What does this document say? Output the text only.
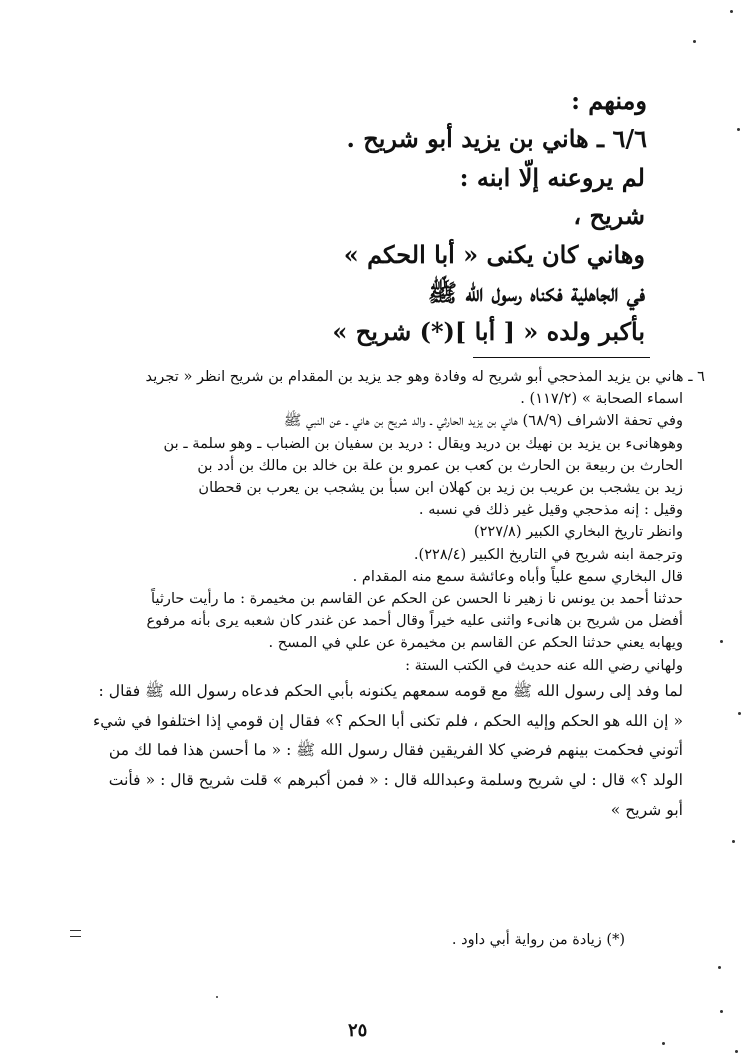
ومنهم :
٦/٦ ـ هاني بن يزيد أبو شريح .
لم يروعنه إلّا ابنه :
شريح ،
وهاني كان يكنى « أبا الحكم »
في الجاهلية فكناه رسول الله ﷺ
بأكبر ولده « [ أبا ](*) شريح »
٦ ـ هاني بن يزيد المذحجي أبو شريح له وفادة وهو جد يزيد بن المقدام بن شريح انظر « تجريد
اسماء الصحابة » (١١٧/٢) .
وفي تحفة الاشراف (٦٨/٩) هاني بن يزيد الحارثي ـ والد شريح بن هاني ـ عن النبي ﷺ
وهوهانىء بن يزيد بن نهيك بن دريد ويقال : دريد بن سفيان بن الضباب ـ وهو سلمة ـ بن
الحارث بن ربيعة بن الحارث بن كعب بن عمرو بن علة بن خالد بن مالك بن أدد بن
زيد بن يشجب بن عريب بن زيد بن كهلان ابن سبأ بن يشجب بن يعرب بن قحطان
وقيل : إنه مذحجي وقيل غير ذلك في نسبه .
وانظر تاريخ البخاري الكبير (٢٢٧/٨)
وترجمة ابنه شريح في التاريخ الكبير (٢٢٨/٤).
قال البخاري سمع علياً وأباه وعائشة سمع منه المقدام .
حدثنا أحمد بن يونس نا زهير نا الحسن عن الحكم عن القاسم بن مخيمرة : ما رأيت حارثياً
أفضل من شريح بن هانىء واثنى عليه خيراً وقال أحمد عن غندر كان شعبه يرى بأنه مرفوع
ويهابه يعني حدثنا الحكم عن القاسم بن مخيمرة عن علي في المسح .
ولهاني رضي الله عنه حديث في الكتب الستة :
لما وفد إلى رسول الله ﷺ مع قومه سمعهم يكنونه بأبي الحكم فدعاه رسول الله ﷺ فقال :
« إن الله هو الحكم وإليه الحكم ، فلم تكنى أبا الحكم ؟» فقال إن قومي إذا اختلفوا في شيء
أتوني فحكمت بينهم فرضي كلا الفريقين فقال رسول الله ﷺ : « ما أحسن هذا فما لك من
الولد ؟» قال : لي شريح وسلمة وعبدالله قال : « فمن أكبرهم » قلت شريح قال : « فأنت
أبو شريح »
(*) زيادة من رواية أبي داود .
٢٥
